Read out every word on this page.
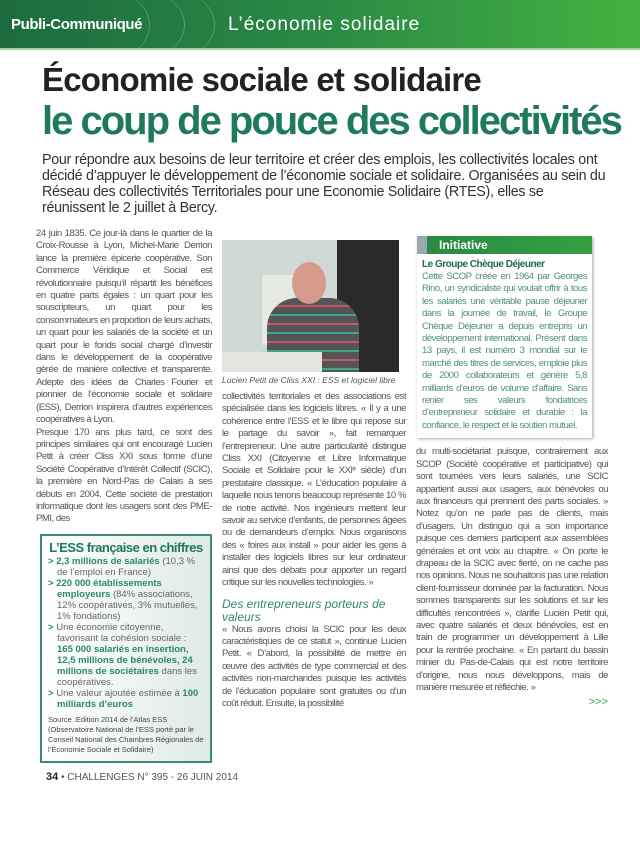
Publi-Communiqué	L’économie solidaire
Économie sociale et solidaire
le coup de pouce des collectivités

Pour répondre aux besoins de leur territoire et créer des emplois, les collectivités locales ont décidé d’appuyer le développement de l’économie sociale et solidaire. Organisées au sein du Réseau des collectivités Territoriales pour une Economie Solidaire (RTES), elles se réunissent le 2 juillet à Bercy.

24 juin 1835. Ce jour-là dans le quartier de la Croix-Rousse à Lyon, Michel-Marie Derrion lance la première épicerie coopérative. Son Commerce Véridique et Social est révolutionnaire puisqu’il répartit les bénéfices en quatre parts égales : un quart pour les souscripteurs, un quart pour les consommateurs en proportion de leurs achats, un quart pour les salariés de la société et un quart pour le fonds social chargé d’investir dans le développement de la coopérative gérée de manière collective et transparente. Adepte des idées de Charles Fourier et pionnier de l’économie sociale et solidaire (ESS), Derrion inspirera d’autres expériences coopératives à Lyon.

Presque 170 ans plus tard, ce sont des principes similaires qui ont encouragé Lucien Petit à créer Cliss XXI sous forme d’une Société Coopérative d’Intérêt Collectif (SCIC), la première en Nord-Pas de Calais à ses débuts en 2004. Cette société de prestation informatique dont les usagers sont des PME-PMI, des

L’ESS française en chiffres
> 2,3 millions de salariés (10,3 % de l’emploi en France)
> 220 000 établissements employeurs (84% associations, 12% coopératives, 3% mutuelles, 1% fondations)
> Une économie citoyenne, favorisant la cohésion sociale : 165 000 salariés en insertion, 12,5 millions de bénévoles, 24 millions de sociétaires dans les coopératives.
> Une valeur ajoutée estimée à 100 milliards d’euros

Source :Edition 2014 de l’Atlas ESS (Observatoire National de l’ESS porté par le Conseil National des Chambres Régionales de l’Économie Sociale et Solidaire)

Lucien Petit de Cliss XXI : ESS et logiciel libre

collectivités territoriales et des associations est spécialisée dans les logiciels libres. « Il y a une cohérence entre l’ESS et le libre qui repose sur le partage du savoir », fait remarquer l’entrepreneur. Une autre particularité distingue Cliss XXI (Citoyenne et Libre Informatique Sociale et Solidaire pour le XXIᵉ siècle) d’un prestataire classique. « L’éducation populaire à laquelle nous tenons beaucoup représente 10 % de notre activité. Nos ingénieurs mettent leur savoir au service d’enfants, de personnes âgées ou de demandeurs d’emploi. Nous organisons des « foires aux install » pour aider les gens à installer des logiciels libres sur leur ordinateur ainsi que des débats pour apporter un regard critique sur les nouvelles technologies. »

Des entrepreneurs porteurs de valeurs

« Nous avons choisi la SCIC pour les deux caractéristiques de ce statut », continue Lucien Petit. « D’abord, la possibilité de mettre en œuvre des activités de type commercial et des activités non-marchandes puisque les activités de l’éducation populaire sont gratuites ou d’un coût réduit. Ensuite, la possibilité

Initiative
Le Groupe Chèque Déjeuner

Cette SCOP créée en 1964 par Georges Rino, un syndicaliste qui voulait offrir à tous les salariés une véritable pause déjeuner dans la journée de travail, le Groupe Chèque Déjeuner a depuis entrepris un développement international. Présent dans 13 pays, il est numéro 3 mondial sur le marché des titres de services, emploie plus de 2000 collaborateurs et génère 5,8 milliards d’euros de volume d’affaire. Sans renier ses valeurs fondatrices d’entrepreneur solidaire et durable : la confiance, le respect et le soutien mutuel.

du multi-sociétariat puisque, contrairement aux SCOP (Société coopérative et participative) qui sont tournées vers leurs salariés, une SCIC appartient aussi aux usagers, aux bénévoles ou aux financeurs qui prennent des parts sociales. » Notez qu’on ne parle pas de clients, mais d’usagers. Un distinguo qui a son importance puisque ces derniers participent aux assemblées générales et ont voix au chapitre. « On porte le drapeau de la SCIC avec fierté, on ne cache pas nos opinions. Nous ne souhaitons pas une relation client-fournisseur dominée par la facturation. Nous sommes transparents sur les solutions et sur les difficultés rencontrées », clarifie Lucien Petit qui, avec quatre salariés et deux bénévoles, est en train de programmer un développement à Lille pour la rentrée prochaine. « En partant du bassin minier du Pas-de-Calais qui est notre territoire d’origine, nous nous développons, mais de manière mesurée et réfléchie. »

>>>
34 • CHALLENGES N° 395 - 26 JUIN 2014
